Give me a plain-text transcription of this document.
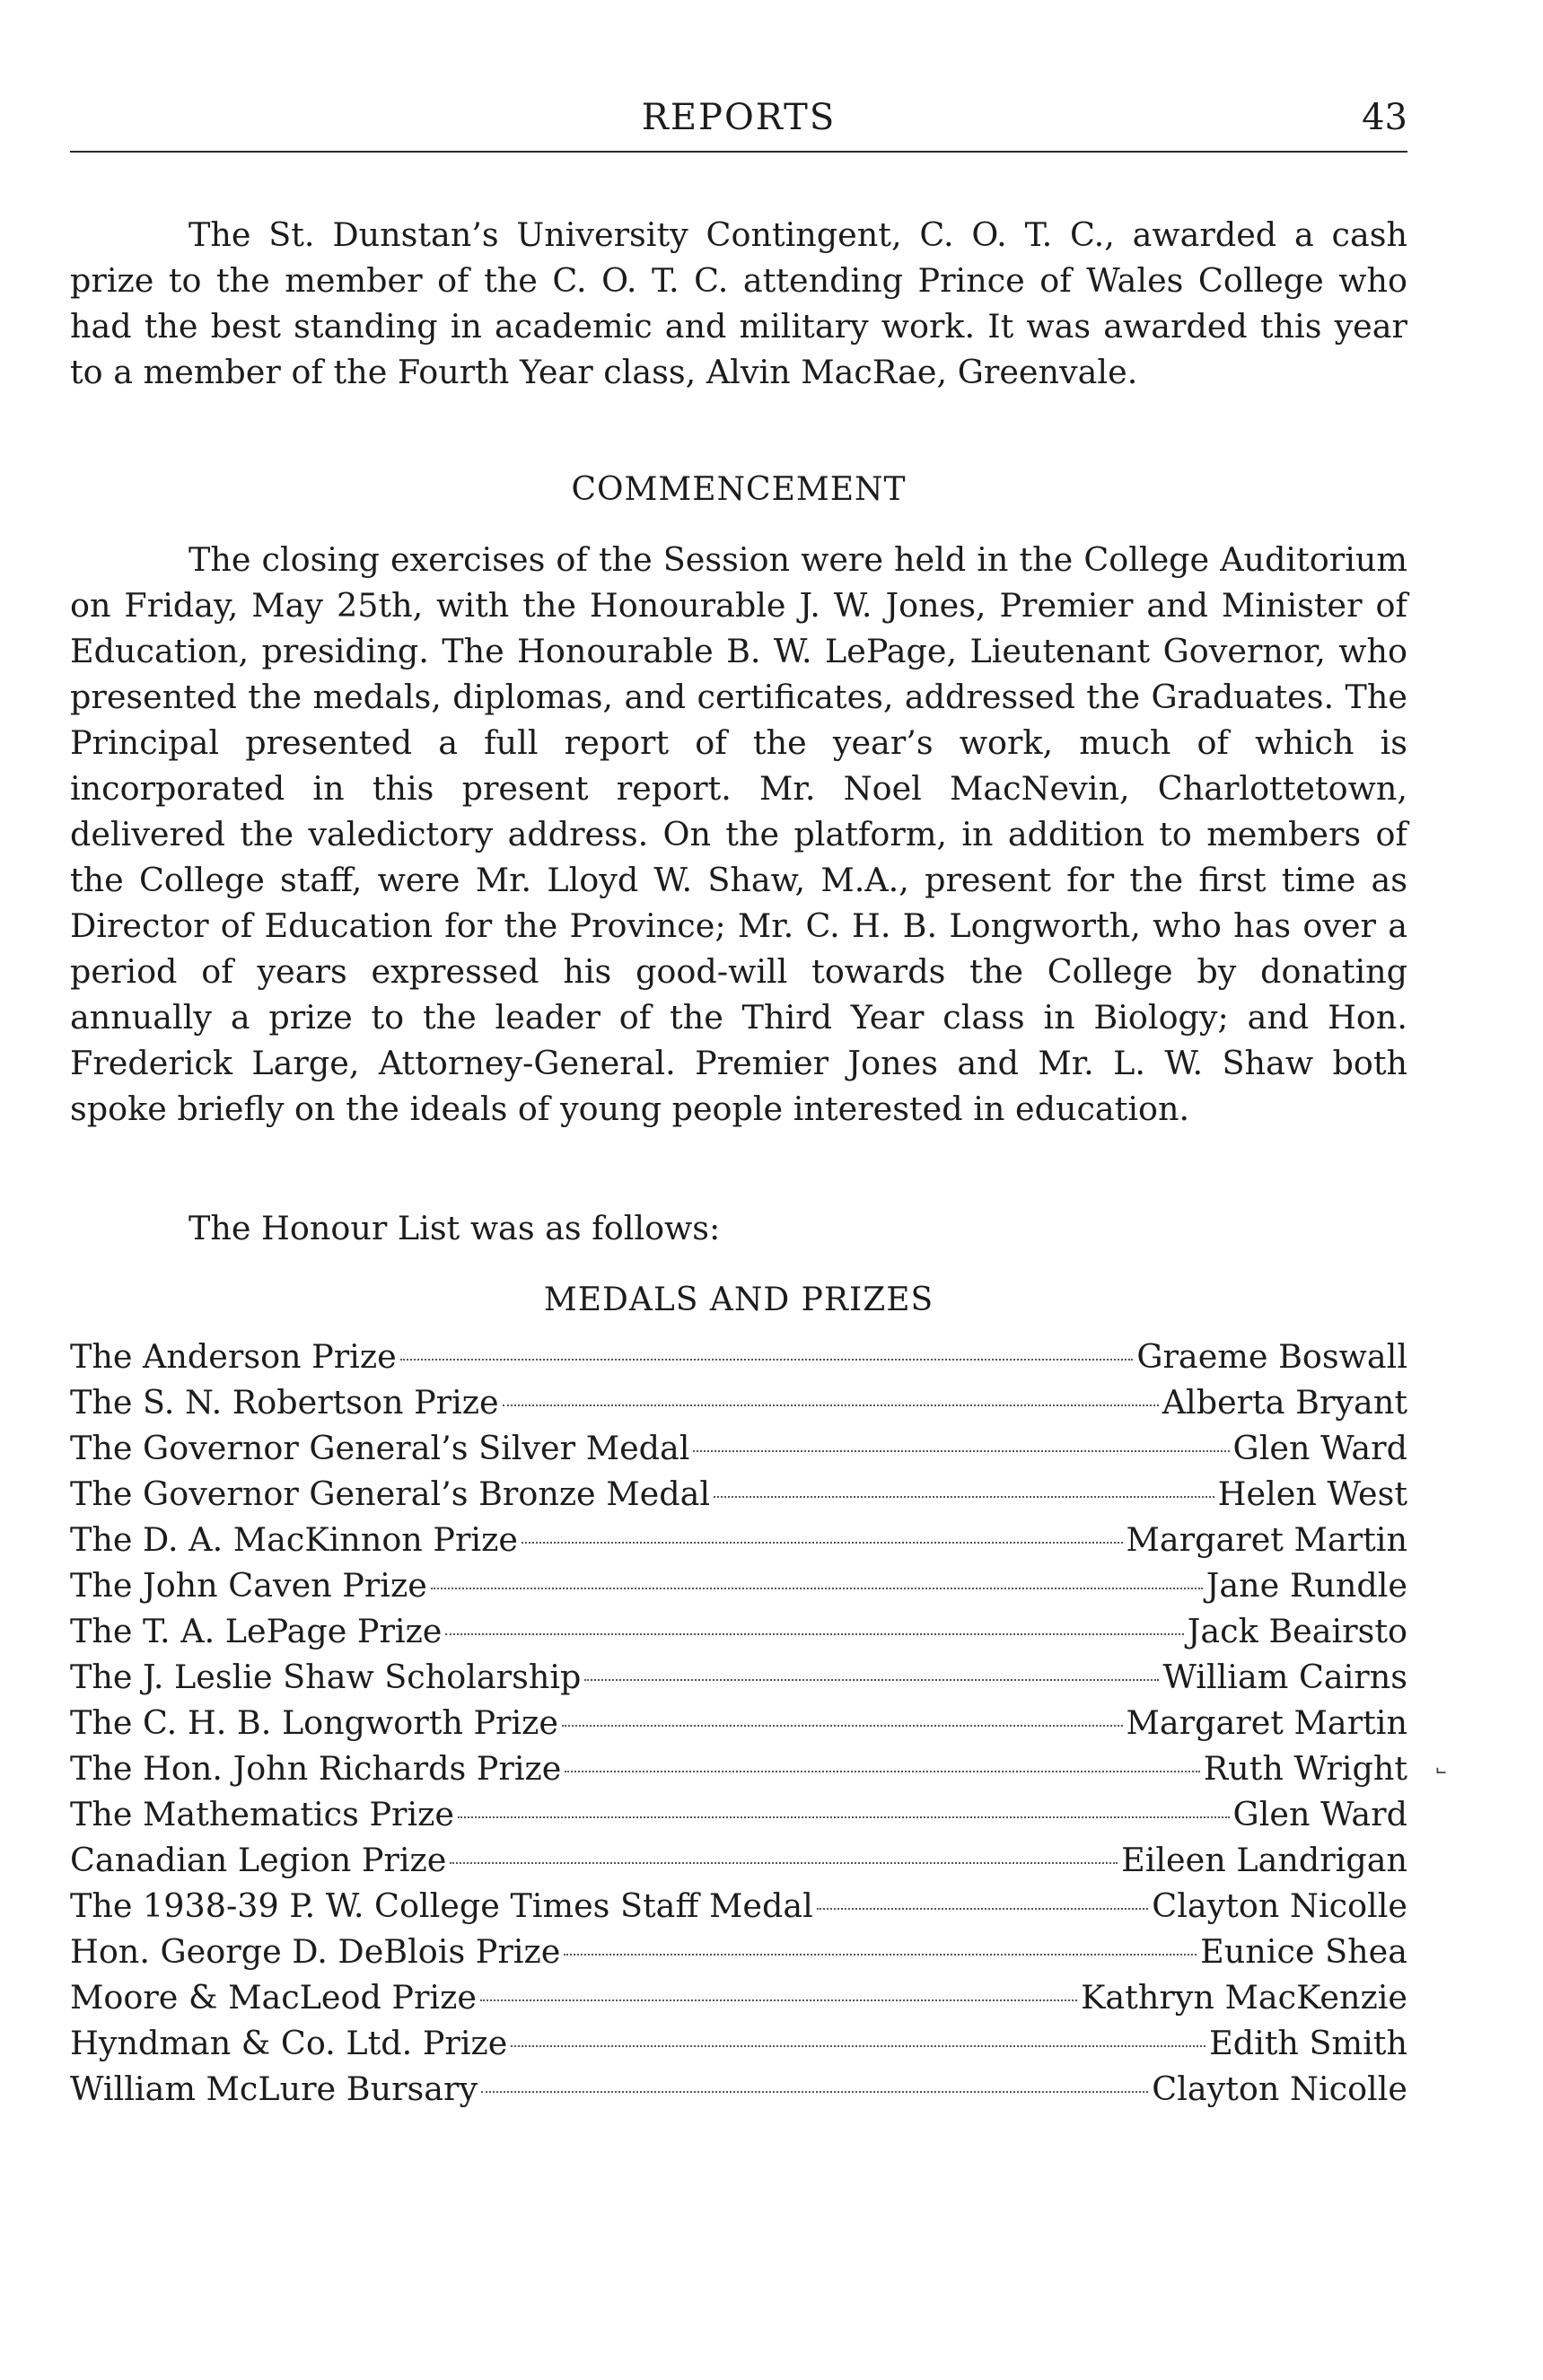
REPORTS	43

The St. Dunstan’s University Contingent, C. O. T. C., awarded a cash prize to the member of the C. O. T. C. attending Prince of Wales College who had the best standing in academic and military work. It was awarded this year to a member of the Fourth Year class, Alvin MacRae, Greenvale.

COMMENCEMENT

The closing exercises of the Session were held in the College Auditorium on Friday, May 25th, with the Honourable J. W. Jones, Premier and Minister of Education, presiding. The Honourable B. W. LePage, Lieutenant Governor, who presented the medals, diplomas, and certificates, addressed the Graduates. The Principal presented a full report of the year’s work, much of which is incorporated in this present report. Mr. Noel MacNevin, Charlottetown, delivered the valedictory address. On the platform, in addition to members of the College staff, were Mr. Lloyd W. Shaw, M.A., present for the first time as Director of Education for the Province; Mr. C. H. B. Longworth, who has over a period of years expressed his good-will towards the College by donating annually a prize to the leader of the Third Year class in Biology; and Hon. Frederick Large, Attorney-General. Premier Jones and Mr. L. W. Shaw both spoke briefly on the ideals of young people interested in education.

The Honour List was as follows:

MEDALS AND PRIZES

The Anderson Prize	Graeme Boswall
The S. N. Robertson Prize	Alberta Bryant
The Governor General’s Silver Medal	Glen Ward
The Governor General’s Bronze Medal	Helen West
The D. A. MacKinnon Prize	Margaret Martin
The John Caven Prize	Jane Rundle
The T. A. LePage Prize	Jack Beairsto
The J. Leslie Shaw Scholarship	William Cairns
The C. H. B. Longworth Prize	Margaret Martin
The Hon. John Richards Prize	Ruth Wright
The Mathematics Prize	Glen Ward
Canadian Legion Prize	Eileen Landrigan
The 1938-39 P. W. College Times Staff Medal	Clayton Nicolle
Hon. George D. DeBlois Prize	Eunice Shea
Moore & MacLeod Prize	Kathryn MacKenzie
Hyndman & Co. Ltd. Prize	Edith Smith
William McLure Bursary	Clayton Nicolle
˾
